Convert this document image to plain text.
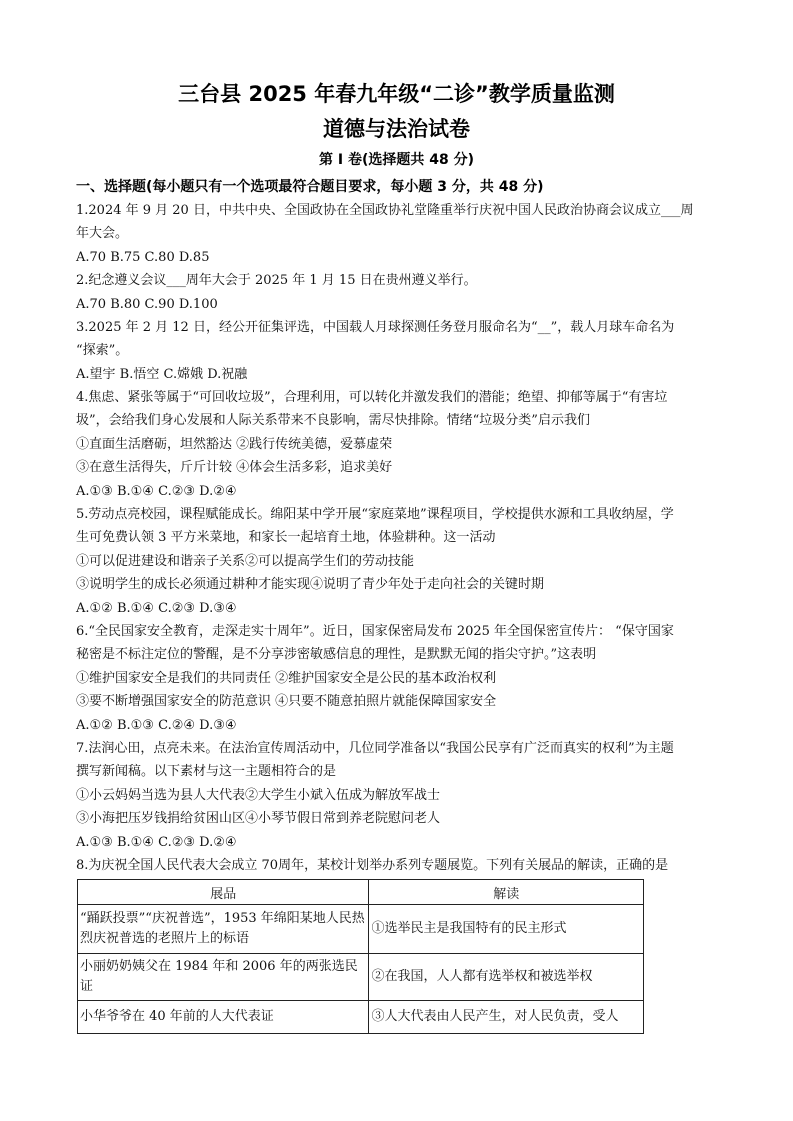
三台县 2025 年春九年级“二诊”教学质量监测
道德与法治试卷
第 I 卷(选择题共 48 分)
一、选择题(每小题只有一个选项最符合题目要求，每小题 3 分，共 48 分)
1.2024 年 9 月 20 日，中共中央、全国政协在全国政协礼堂隆重举行庆祝中国人民政治协商会议成立___周
年大会。
A.70 B.75 C.80 D.85
2.纪念遵义会议___周年大会于 2025 年 1 月 15 日在贵州遵义举行。
A.70 B.80 C.90 D.100
3.2025 年 2 月 12 日，经公开征集评选，中国载人月球探测任务登月服命名为“__”，载人月球车命名为
“探索”。
A.望宇 B.悟空 C.嫦娥 D.祝融
4.焦虑、紧张等属于“可回收垃圾”，合理利用，可以转化并激发我们的潜能；绝望、抑郁等属于“有害垃
圾”，会给我们身心发展和人际关系带来不良影响，需尽快排除。情绪“垃圾分类”启示我们
①直面生活磨砺，坦然豁达 ②践行传统美德，爱慕虚荣
③在意生活得失，斤斤计较 ④体会生活多彩，追求美好
A.①③ B.①④ C.②③ D.②④
5.劳动点亮校园，课程赋能成长。绵阳某中学开展“家庭菜地”课程项目，学校提供水源和工具收纳屋，学
生可免费认领 3 平方米菜地，和家长一起培育土地，体验耕种。这一活动
①可以促进建设和谐亲子关系②可以提高学生们的劳动技能
③说明学生的成长必须通过耕种才能实现④说明了青少年处于走向社会的关键时期
A.①② B.①④ C.②③ D.③④
6.“全民国家安全教育，走深走实十周年”。近日，国家保密局发布 2025 年全国保密宣传片： “保守国家
秘密是不标注定位的警醒，是不分享涉密敏感信息的理性，是默默无闻的指尖守护。”这表明
①维护国家安全是我们的共同责任 ②维护国家安全是公民的基本政治权利
③要不断增强国家安全的防范意识 ④只要不随意拍照片就能保障国家安全
A.①② B.①③ C.②④ D.③④
7.法润心田，点亮未来。在法治宣传周活动中，几位同学准备以“我国公民享有广泛而真实的权利”为主题
撰写新闻稿。以下素材与这一主题相符合的是
①小云妈妈当选为县人大代表②大学生小斌入伍成为解放军战士
③小海把压岁钱捐给贫困山区④小琴节假日常到养老院慰问老人
A.①③ B.①④ C.②③ D.②④
8.为庆祝全国人民代表大会成立 70周年，某校计划举办系列专题展览。下列有关展品的解读，正确的是
展品	解读
“踊跃投票”“庆祝普选”，1953 年绵阳某地人民热烈庆祝普选的老照片上的标语	①选举民主是我国特有的民主形式
小丽奶奶姨父在 1984 年和 2006 年的两张选民证	②在我国，人人都有选举权和被选举权
小华爷爷在 40 年前的人大代表证	③人大代表由人民产生，对人民负责，受人
